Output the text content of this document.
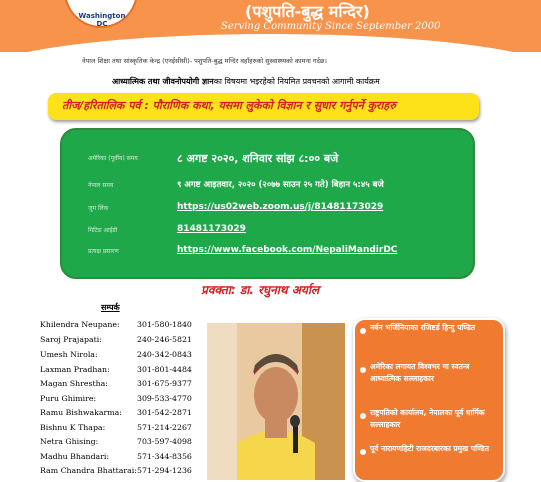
Washington DC
(पशुपति-बुद्ध मन्दिर)
Serving Community Since September 2000
नेपाल शिक्षा तथा सांस्कृतिक केन्द्र (एनईसीसी)- पशुपति-बुद्ध मन्दिर वहाँहरुको सुस्वास्थ्यको कामना गर्दछ।
आध्यात्मिक तथा जीवनोपयोगी ज्ञानका विषयमा भइरहेको नियमित प्रवचनको आगामी कार्यक्रम
तीज/हरितालिक पर्व : पौराणिक कथा, यसमा लुकेको विज्ञान र सुधार गर्नुपर्ने कुराहरु
अमेरिका (पूर्वीय) समय	८ अगष्ट २०२०, शनिवार सांझ ८:०० बजे
नेपाल समय	९ अगष्ट आइतवार, २०२० (२०७७ साउन २५ गते) बिहान ५:४५ बजे
जुम लिंक	https://us02web.zoom.us/j/81481173029
मिटिङ आईडी	81481173029
प्रत्यक्ष प्रसारण	https://www.facebook.com/NepaliMandirDC
प्रवक्ता: डा. रघुनाथ अर्याल
सम्पर्क
Khilendra Neupane: 301-580-1840
Saroj Prajapati:	240-246-5821
Umesh Nirola:	240-342-0843
Laxman Pradhan:	301-801-4484
Magan Shrestha:	301-675-9377
Puru Ghimire:	309-533-4770
Ramu Bishwakarma: 301-542-2871
Bishnu K Thapa:	571-214-2267
Netra Ghising:	703-597-4098
Madhu Bhandari:	571-344-8356
Ram Chandra Bhattarai: 571-294-1236
नर्बन भर्जिनियाका रजिष्टर्ड हिन्दु पण्डित
अमेरिका लगायत विश्वभर मा स्वतन्त्र आध्यात्मिक सल्लाहकार
राष्ट्रपतिको कार्यालय, नेपालका पूर्व धार्मिक सल्लाहकार
पूर्व नारायणहिटी राजदरबारका प्रमुख पण्डित
